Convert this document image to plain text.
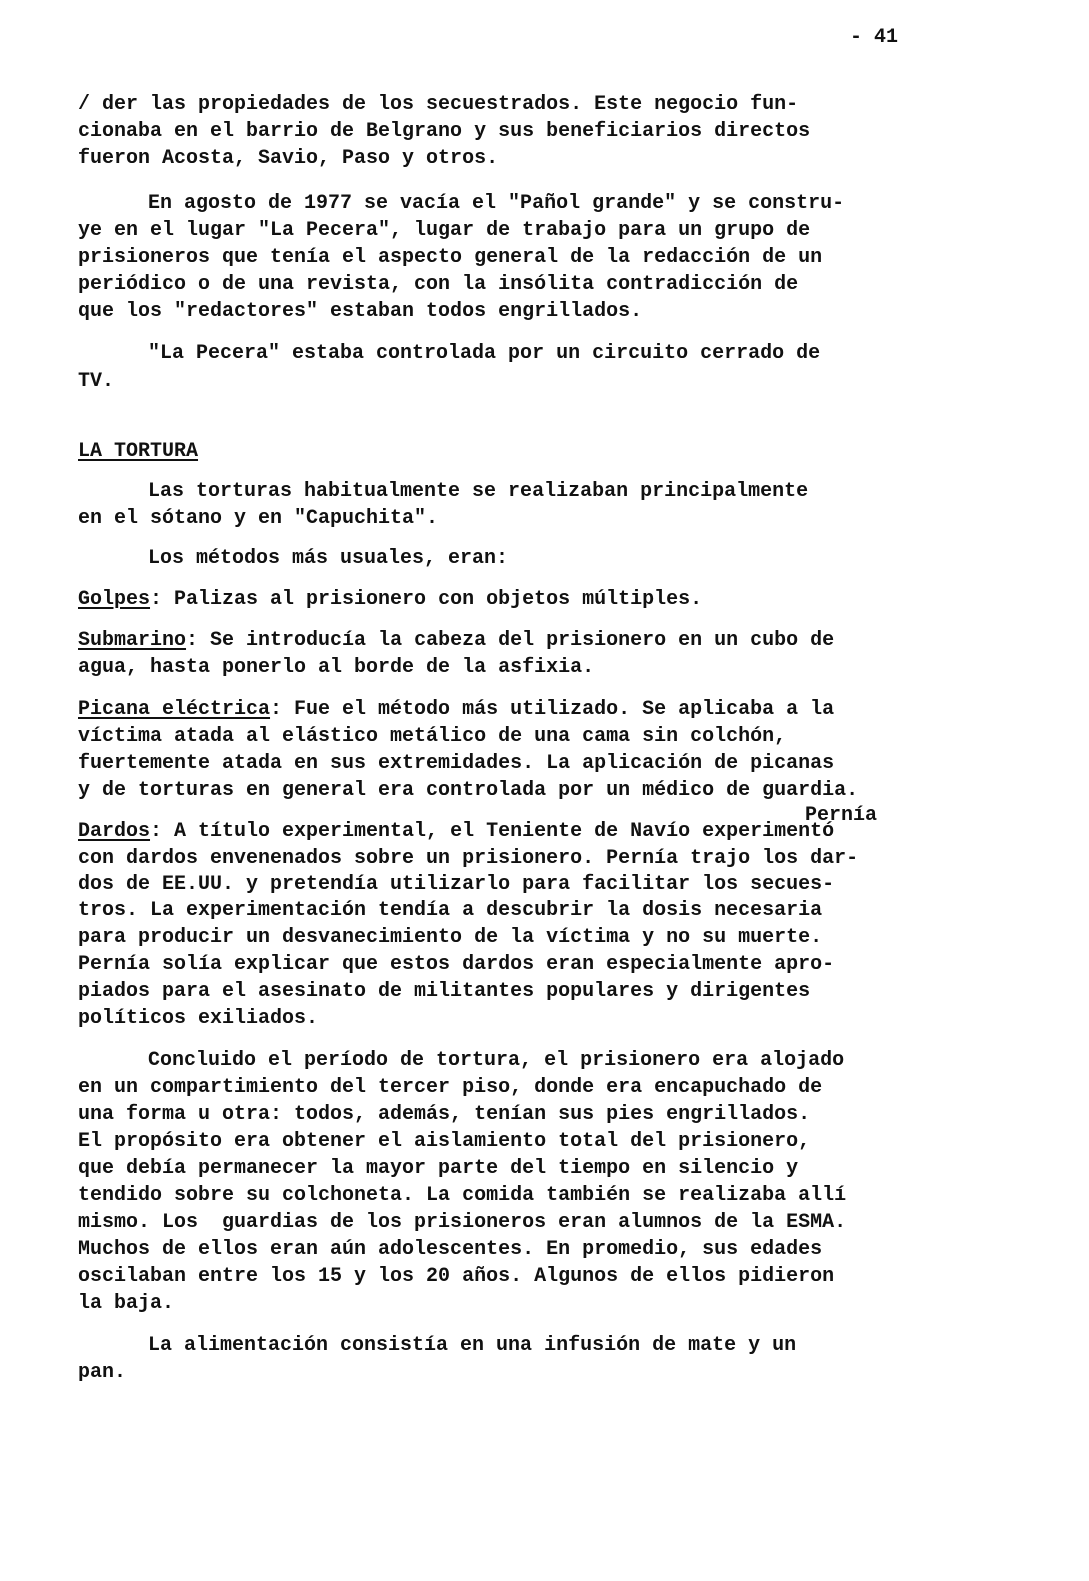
- 41
/ der las propiedades de los secuestrados. Este negocio fun-
cionaba en el barrio de Belgrano y sus beneficiarios directos
fueron Acosta, Savio, Paso y otros.
En agosto de 1977 se vacía el "Pañol grande" y se constru-
ye en el lugar "La Pecera", lugar de trabajo para un grupo de
prisioneros que tenía el aspecto general de la redacción de un
periódico o de una revista, con la insólita contradicción de
que los "redactores" estaban todos engrillados.
"La Pecera" estaba controlada por un circuito cerrado de
TV.
LA TORTURA
Las torturas habitualmente se realizaban principalmente
en el sótano y en "Capuchita".
Los métodos más usuales, eran:
Golpes: Palizas al prisionero con objetos múltiples.
Submarino: Se introducía la cabeza del prisionero en un cubo de
agua, hasta ponerlo al borde de la asfixia.
Picana eléctrica: Fue el método más utilizado. Se aplicaba a la
víctima atada al elástico metálico de una cama sin colchón,
fuertemente atada en sus extremidades. La aplicación de picanas
y de torturas en general era controlada por un médico de guardia.
Pernía
Dardos: A título experimental, el Teniente de Navío experimentó
con dardos envenenados sobre un prisionero. Pernía trajo los dar-
dos de EE.UU. y pretendía utilizarlo para facilitar los secues-
tros. La experimentación tendía a descubrir la dosis necesaria
para producir un desvanecimiento de la víctima y no su muerte.
Pernía solía explicar que estos dardos eran especialmente apro-
piados para el asesinato de militantes populares y dirigentes
políticos exiliados.
Concluido el período de tortura, el prisionero era alojado
en un compartimiento del tercer piso, donde era encapuchado de
una forma u otra: todos, además, tenían sus pies engrillados.
El propósito era obtener el aislamiento total del prisionero,
que debía permanecer la mayor parte del tiempo en silencio y
tendido sobre su colchoneta. La comida también se realizaba allí
mismo. Los  guardias de los prisioneros eran alumnos de la ESMA.
Muchos de ellos eran aún adolescentes. En promedio, sus edades
oscilaban entre los 15 y los 20 años. Algunos de ellos pidieron
la baja.
La alimentación consistía en una infusión de mate y un
pan.
